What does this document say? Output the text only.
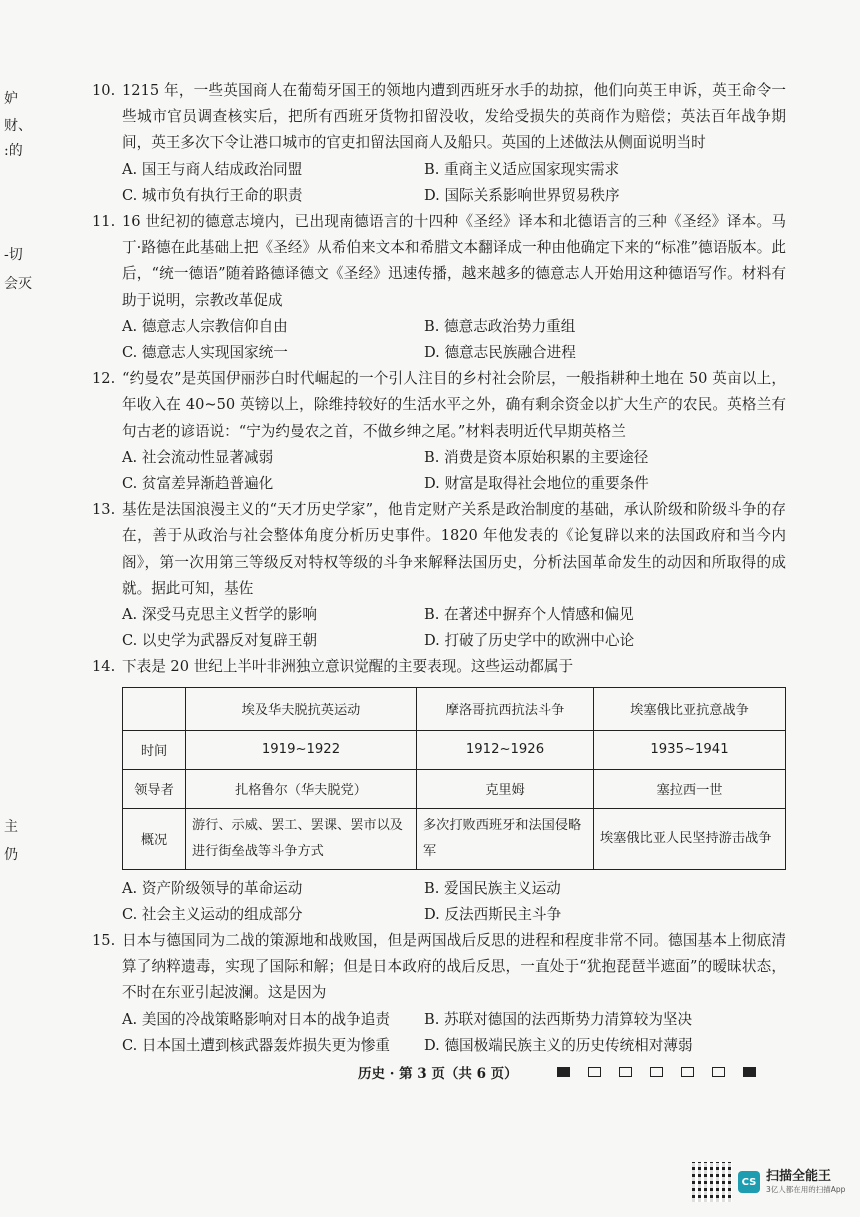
妒
财、
:的
-切
会灭
主
仍
10. 1215 年，一些英国商人在葡萄牙国王的领地内遭到西班牙水手的劫掠，他们向英王申诉，英王命令一些城市官员调查核实后，把所有西班牙货物扣留没收，发给受损失的英商作为赔偿；英法百年战争期间，英王多次下令让港口城市的官吏扣留法国商人及船只。英国的上述做法从侧面说明当时
A. 国王与商人结成政治同盟	B. 重商主义适应国家现实需求
C. 城市负有执行王命的职责	D. 国际关系影响世界贸易秩序
11. 16 世纪初的德意志境内，已出现南德语言的十四种《圣经》译本和北德语言的三种《圣经》译本。马丁·路德在此基础上把《圣经》从希伯来文本和希腊文本翻译成一种由他确定下来的“标准”德语版本。此后，“统一德语”随着路德译德文《圣经》迅速传播，越来越多的德意志人开始用这种德语写作。材料有助于说明，宗教改革促成
A. 德意志人宗教信仰自由	B. 德意志政治势力重组
C. 德意志人实现国家统一	D. 德意志民族融合进程
12. “约曼农”是英国伊丽莎白时代崛起的一个引人注目的乡村社会阶层，一般指耕种土地在 50 英亩以上，年收入在 40~50 英镑以上，除维持较好的生活水平之外，确有剩余资金以扩大生产的农民。英格兰有句古老的谚语说：“宁为约曼农之首，不做乡绅之尾。”材料表明近代早期英格兰
A. 社会流动性显著减弱	B. 消费是资本原始积累的主要途径
C. 贫富差异渐趋普遍化	D. 财富是取得社会地位的重要条件
13. 基佐是法国浪漫主义的“天才历史学家”，他肯定财产关系是政治制度的基础，承认阶级和阶级斗争的存在，善于从政治与社会整体角度分析历史事件。1820 年他发表的《论复辟以来的法国政府和当今内阁》，第一次用第三等级反对特权等级的斗争来解释法国历史，分析法国革命发生的动因和所取得的成就。据此可知，基佐
A. 深受马克思主义哲学的影响	B. 在著述中摒弃个人情感和偏见
C. 以史学为武器反对复辟王朝	D. 打破了历史学中的欧洲中心论
14. 下表是 20 世纪上半叶非洲独立意识觉醒的主要表现。这些运动都属于
	埃及华夫脱抗英运动	摩洛哥抗西抗法斗争	埃塞俄比亚抗意战争
时间	1919~1922	1912~1926	1935~1941
领导者	扎格鲁尔（华夫脱党）	克里姆	塞拉西一世
概况	游行、示威、罢工、罢课、罢市以及进行街垒战等斗争方式	多次打败西班牙和法国侵略军	埃塞俄比亚人民坚持游击战争
A. 资产阶级领导的革命运动	B. 爱国民族主义运动
C. 社会主义运动的组成部分	D. 反法西斯民主斗争
15. 日本与德国同为二战的策源地和战败国，但是两国战后反思的进程和程度非常不同。德国基本上彻底清算了纳粹遗毒，实现了国际和解；但是日本政府的战后反思，一直处于“犹抱琵琶半遮面”的暧昧状态，不时在东亚引起波澜。这是因为
A. 美国的冷战策略影响对日本的战争追责	B. 苏联对德国的法西斯势力清算较为坚决
C. 日本国土遭到核武器轰炸损失更为惨重	D. 德国极端民族主义的历史传统相对薄弱
历史 · 第 3 页（共 6 页）
CS 扫描全能王
3亿人都在用的扫描App
